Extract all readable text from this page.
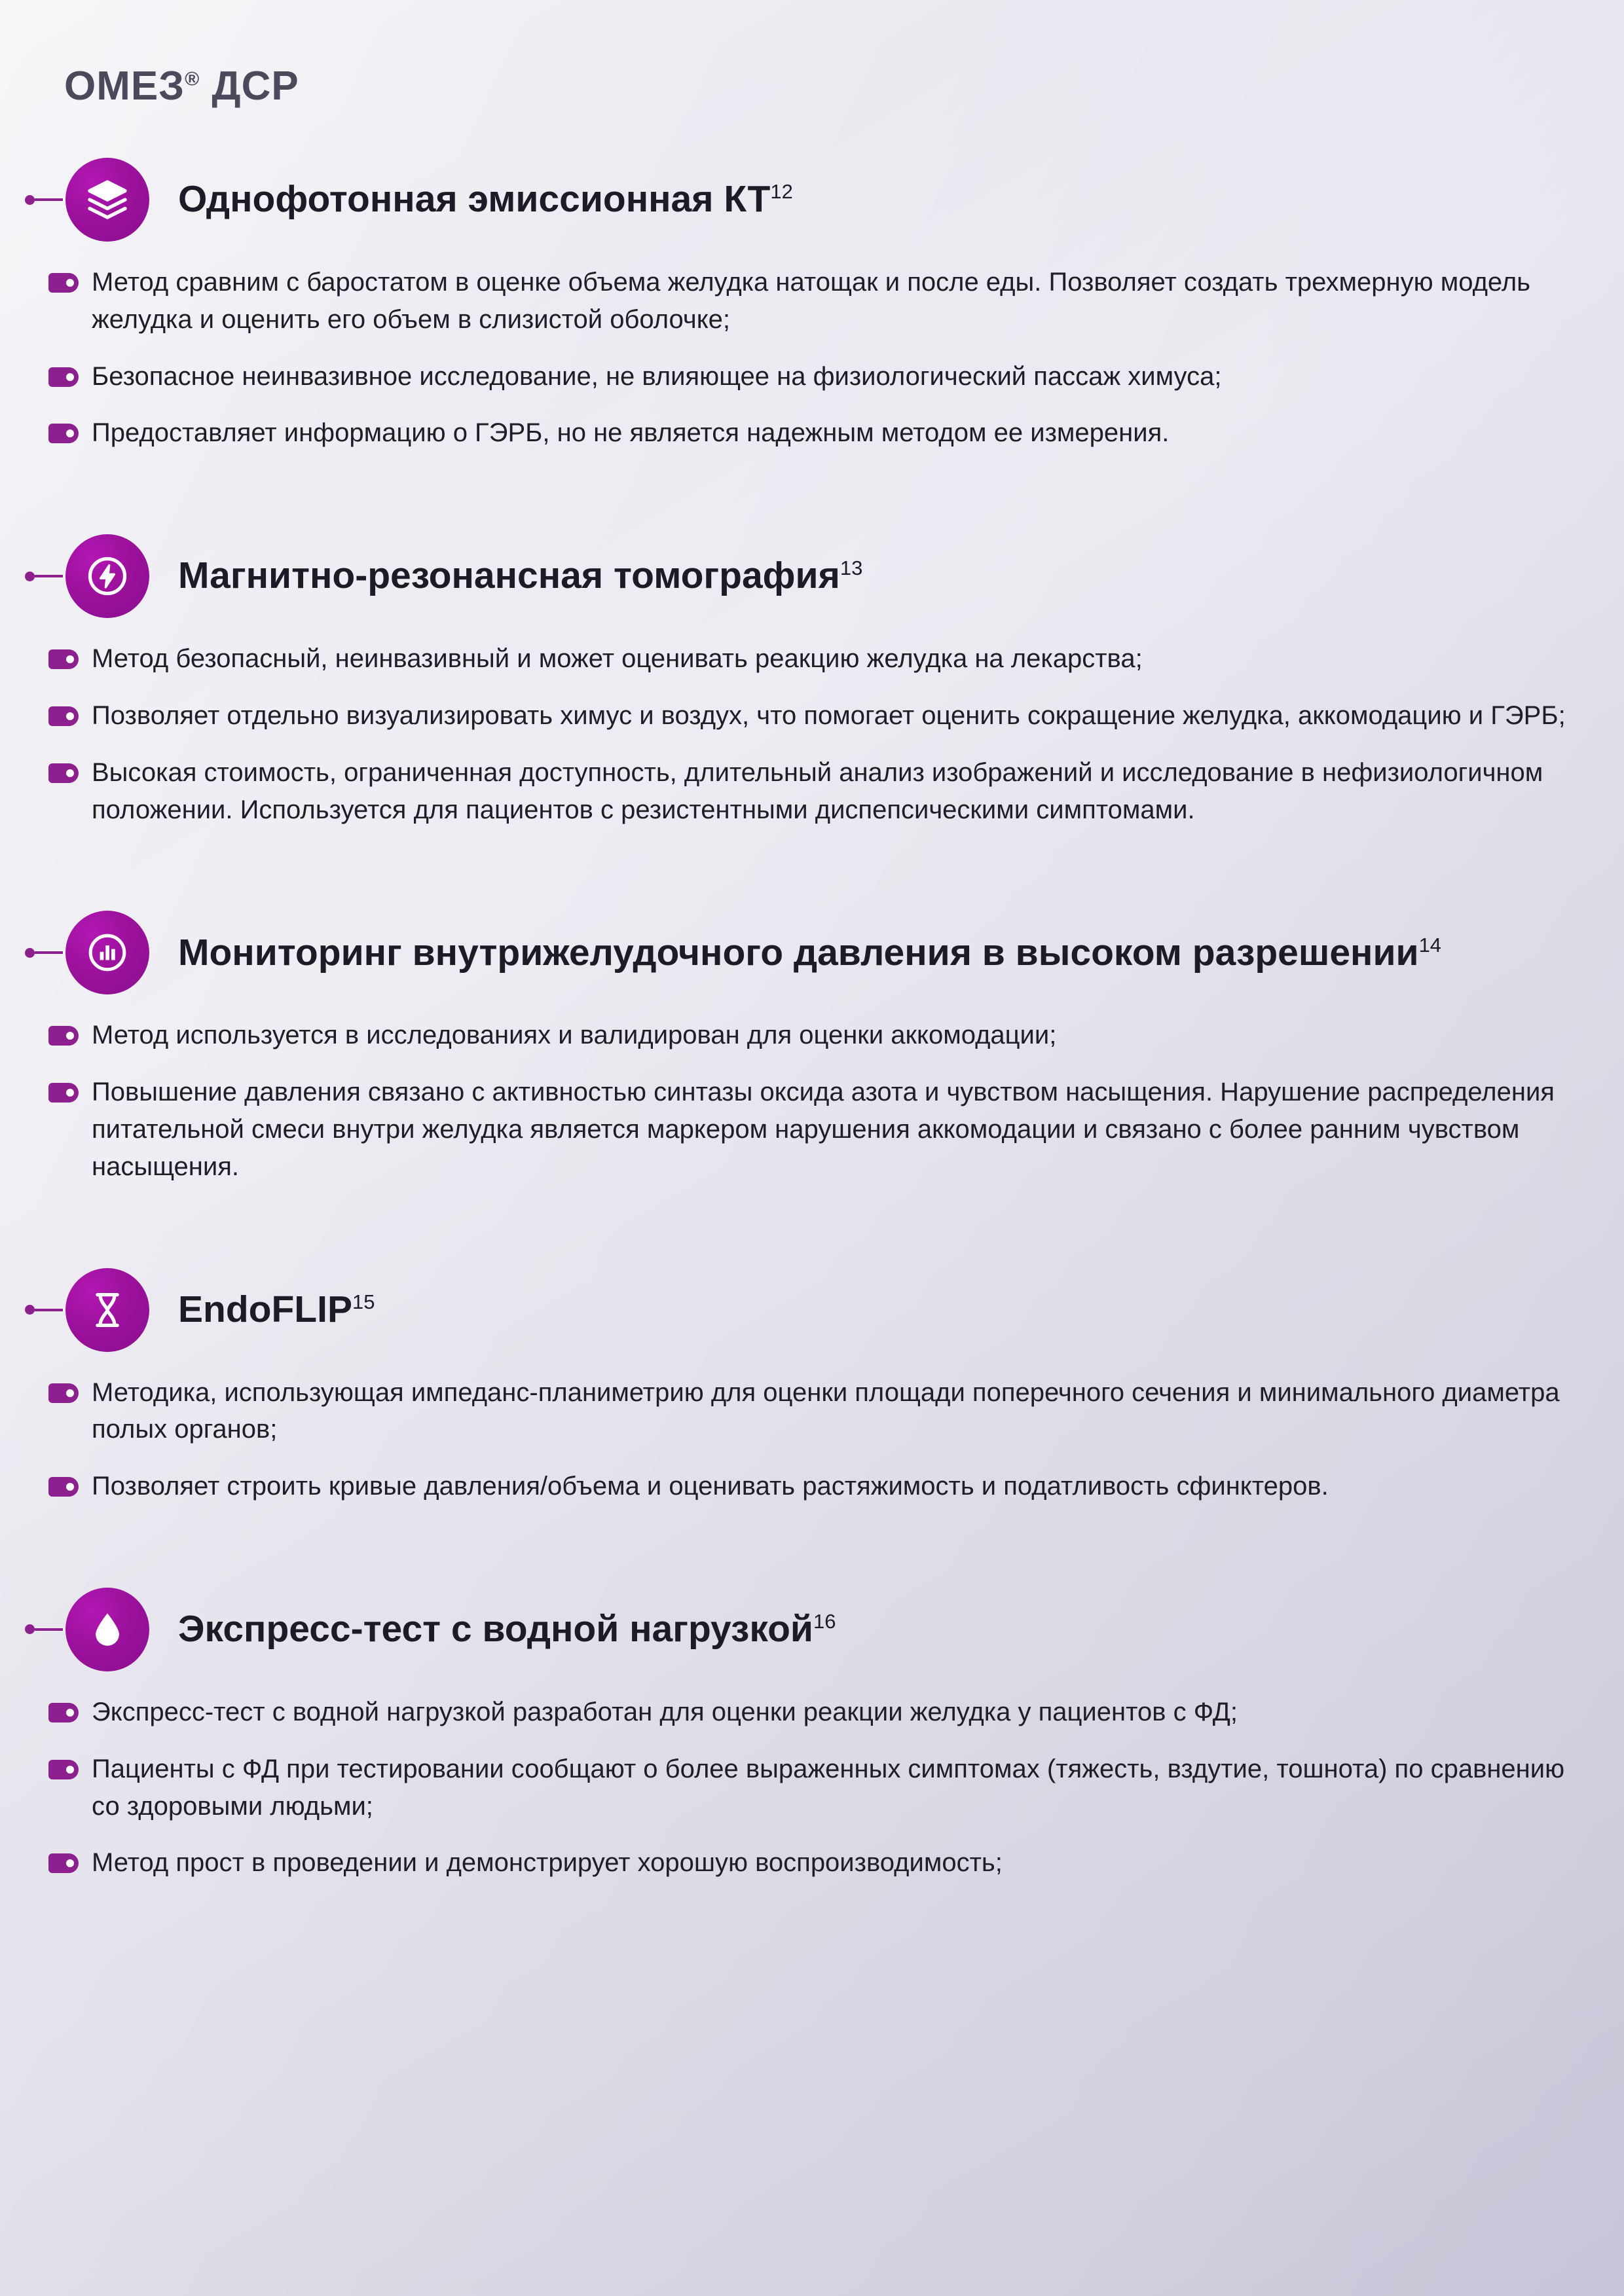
ОМЕЗ® ДСР
Однофотонная эмиссионная КТ$^{12}$
Метод сравним с баростатом в оценке объема желудка натощак и после еды. Позволяет создать трехмерную модель желудка и оценить его объем в слизистой оболочке;
Безопасное неинвазивное исследование, не влияющее на физиологический пассаж химуса;
Предоставляет информацию о ГЭРБ, но не является надежным методом ее измерения.
Магнитно-резонансная томография$^{13}$
Метод безопасный, неинвазивный и может оценивать реакцию желудка на лекарства;
Позволяет отдельно визуализировать химус и воздух, что помогает оценить сокращение желудка, аккомодацию и ГЭРБ;
Высокая стоимость, ограниченная доступность, длительный анализ изображений и исследование в нефизиологичном положении. Используется для пациентов с резистентными диспепсическими симптомами.
Мониторинг внутрижелудочного давления в высоком разрешении$^{14}$
Метод используется в исследованиях и валидирован для оценки аккомодации;
Повышение давления связано с активностью синтазы оксида азота и чувством насыщения. Нарушение распределения питательной смеси внутри желудка является маркером нарушения аккомодации и связано с более ранним чувством насыщения.
EndoFLIP$^{15}$
Методика, использующая импеданс-планиметрию для оценки площади поперечного сечения и минимального диаметра полых органов;
Позволяет строить кривые давления/объема и оценивать растяжимость и податливость сфинктеров.
Экспресс-тест с водной нагрузкой$^{16}$
Экспресс-тест с водной нагрузкой разработан для оценки реакции желудка у пациентов с ФД;
Пациенты с ФД при тестировании сообщают о более выраженных симптомах (тяжесть, вздутие, тошнота) по сравнению со здоровыми людьми;
Метод прост в проведении и демонстрирует хорошую воспроизводимость;
